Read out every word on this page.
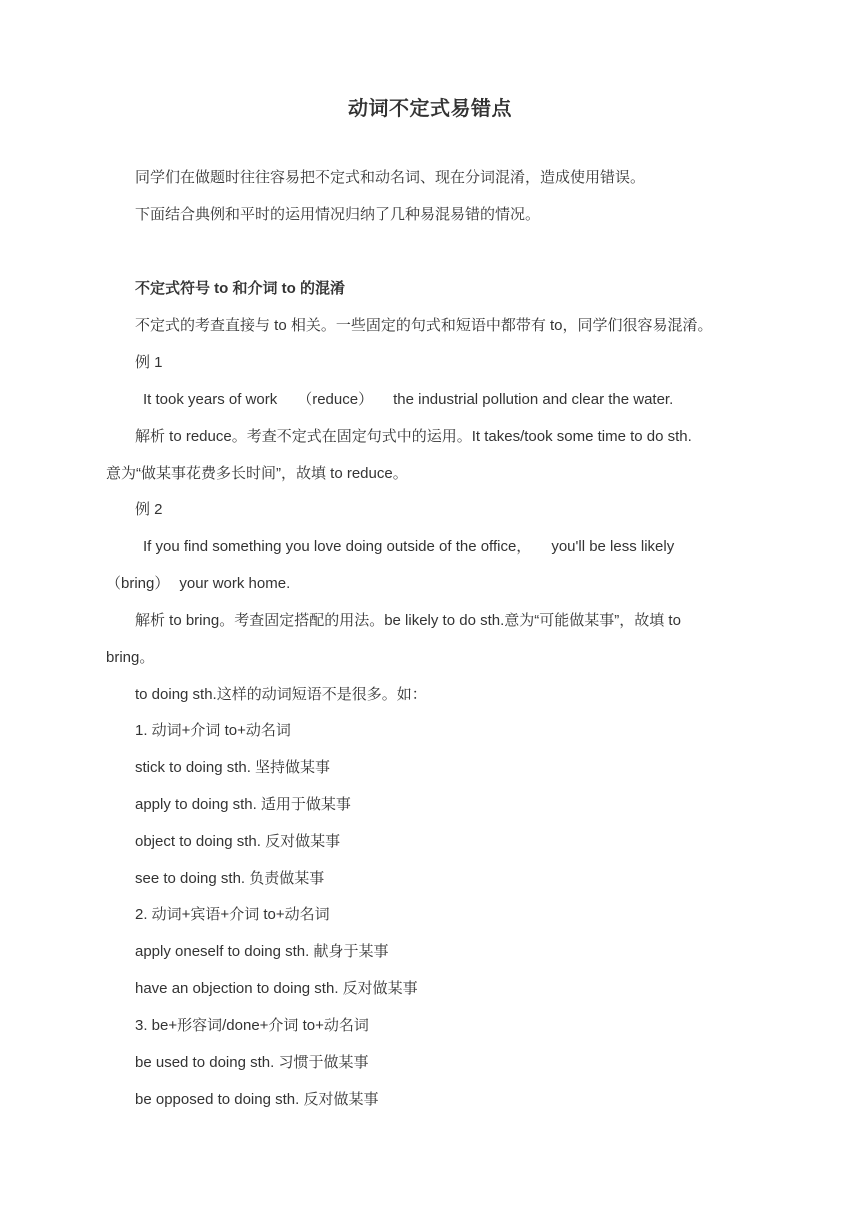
动词不定式易错点
同学们在做题时往往容易把不定式和动名词、现在分词混淆，造成使用错误。
下面结合典例和平时的运用情况归纳了几种易混易错的情况。
不定式符号 to 和介词 to 的混淆
不定式的考查直接与 to 相关。一些固定的句式和短语中都带有 to，同学们很容易混淆。
例 1
It took years of work （reduce） the industrial pollution and clear the water.
解析 to reduce。考查不定式在固定句式中的运用。It takes/took some time to do sth.
意为“做某事花费多长时间”，故填 to reduce。
例 2
If you find something you love doing outside of the office， you'll be less likely
（bring） your work home.
解析 to bring。考查固定搭配的用法。be likely to do sth.意为“可能做某事”，故填 to
bring。
to doing sth.这样的动词短语不是很多。如：
1. 动词+介词 to+动名词
stick to doing sth. 坚持做某事
apply to doing sth. 适用于做某事
object to doing sth. 反对做某事
see to doing sth. 负责做某事
2. 动词+宾语+介词 to+动名词
apply oneself to doing sth. 献身于某事
have an objection to doing sth. 反对做某事
3. be+形容词/done+介词 to+动名词
be used to doing sth. 习惯于做某事
be opposed to doing sth. 反对做某事
